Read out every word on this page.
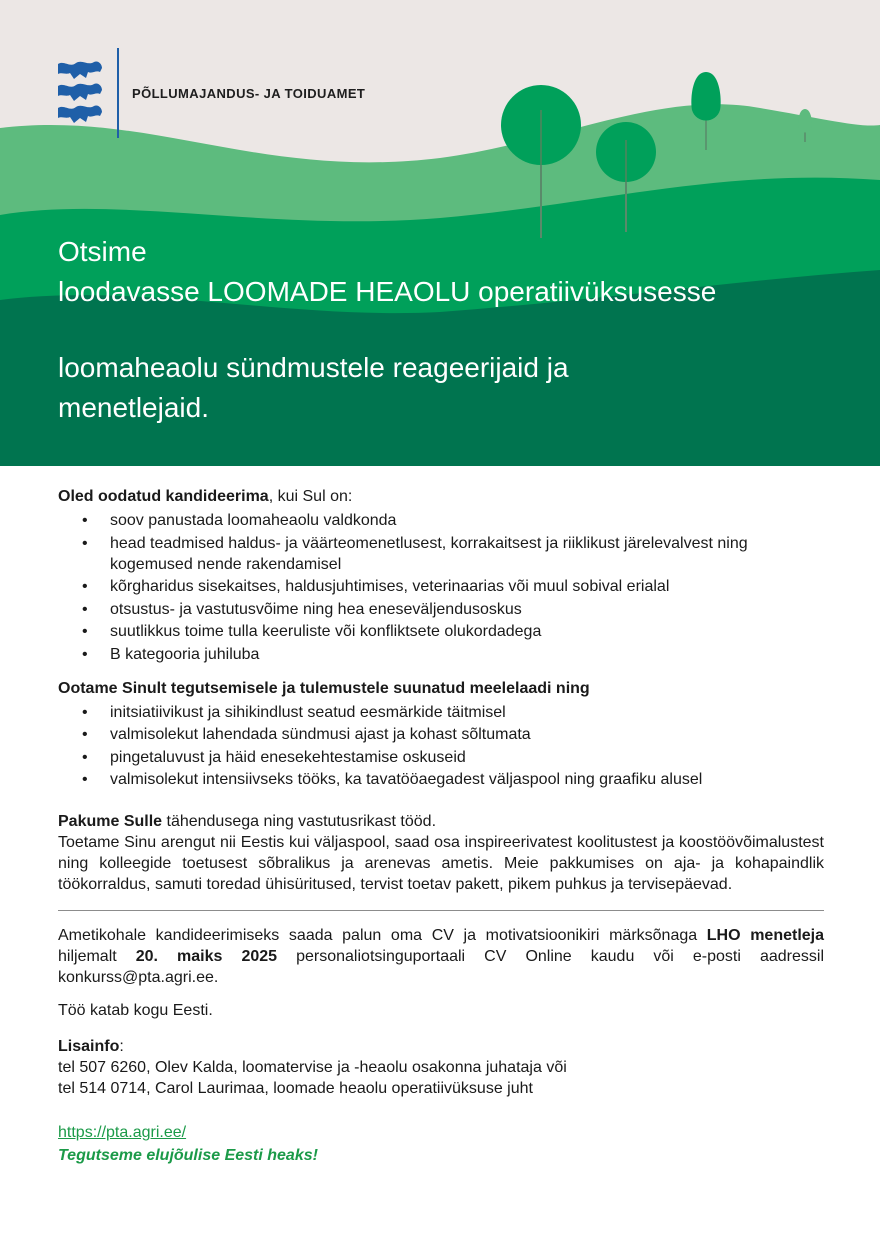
PÕLLUMAJANDUS- JA TOIDUAMET
Otsime
loodavasse LOOMADE HEAOLU operatiivüksusesse
loomaheaolu sündmustele reageerijaid ja
menetlejaid.

Oled oodatud kandideerima, kui Sul on:

• soov panustada loomaheaolu valdkonda
• head teadmised haldus- ja väärteomenetlusest, korrakaitsest ja riiklikust järelevalvest ning kogemused nende rakendamisel
• kõrgharidus sisekaitses, haldusjuhtimises, veterinaarias või muul sobival erialal
• otsustus- ja vastutusvõime ning hea eneseväljendusoskus
• suutlikkus toime tulla keeruliste või konfliktsete olukordadega
• B kategooria juhiluba

Ootame Sinult tegutsemisele ja tulemustele suunatud meelelaadi ning

• initsiatiivikust ja sihikindlust seatud eesmärkide täitmisel
• valmisolekut lahendada sündmusi ajast ja kohast sõltumata
• pingetaluvust ja häid enesekehtestamise oskuseid
• valmisolekut intensiivseks tööks, ka tavatööaegadest väljaspool ning graafiku alusel

Pakume Sulle tähendusega ning vastutusrikast tööd.

Toetame Sinu arengut nii Eestis kui väljaspool, saad osa inspireerivatest koolitustest ja koostöövõimalustest ning kolleegide toetusest sõbralikus ja arenevas ametis. Meie pakkumises on aja- ja kohapaindlik töökorraldus, samuti toredad ühisüritused, tervist toetav pakett, pikem puhkus ja tervisepäevad.

Ametikohale kandideerimiseks saada palun oma CV ja motivatsioonikiri märksõnaga LHO menetleja hiljemalt 20. maiks 2025 personaliotsinguportaali CV Online kaudu või e-posti aadressil konkurss@pta.agri.ee.

Töö katab kogu Eesti.

Lisainfo:

tel 507 6260, Olev Kalda, loomatervise ja -heaolu osakonna juhataja või

tel 514 0714, Carol Laurimaa, loomade heaolu operatiivüksuse juht

https://pta.agri.ee/

Tegutseme elujõulise Eesti heaks!
